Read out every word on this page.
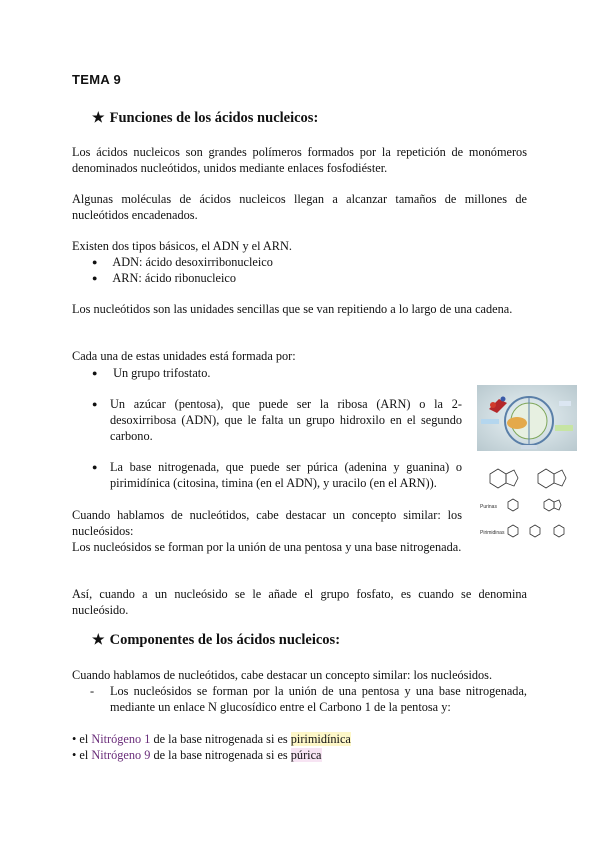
TEMA 9
★ Funciones de los ácidos nucleicos:
Los ácidos nucleicos son grandes polímeros formados por la repetición de monómeros denominados nucleótidos, unidos mediante enlaces fosfodiéster.
Algunas moléculas de ácidos nucleicos llegan a alcanzar tamaños de millones de nucleótidos encadenados.
Existen dos tipos básicos, el ADN y el ARN.
● ADN: ácido desoxirribonucleico
● ARN: ácido ribonucleico
Los nucleótidos son las unidades sencillas que se van repitiendo a lo largo de una cadena.
Cada una de estas unidades está formada por:
● Un grupo trifostato.
● Un azúcar (pentosa), que puede ser la ribosa (ARN) o la 2-desoxirribosa (ADN), que le falta un grupo hidroxilo en el segundo carbono.
● La base nitrogenada, que puede ser púrica (adenina y guanina) o pirimidínica (citosina, timina (en el ADN), y uracilo (en el ARN)).
Cuando hablamos de nucleótidos, cabe destacar un concepto similar: los nucleósidos:
Los nucleósidos se forman por la unión de una pentosa y una base nitrogenada.
Así, cuando a un nucleósido se le añade el grupo fosfato, es cuando se denomina nucleósido.
★ Componentes de los ácidos nucleicos:
Cuando hablamos de nucleótidos, cabe destacar un concepto similar: los nucleósidos.
- Los nucleósidos se forman por la unión de una pentosa y una base nitrogenada, mediante un enlace N glucosídico entre el Carbono 1 de la pentosa y:
• el Nitrógeno 1 de la base nitrogenada si es pirimidínica
• el Nitrógeno 9 de la base nitrogenada si es púrica
Purinas
Pirimidinas
